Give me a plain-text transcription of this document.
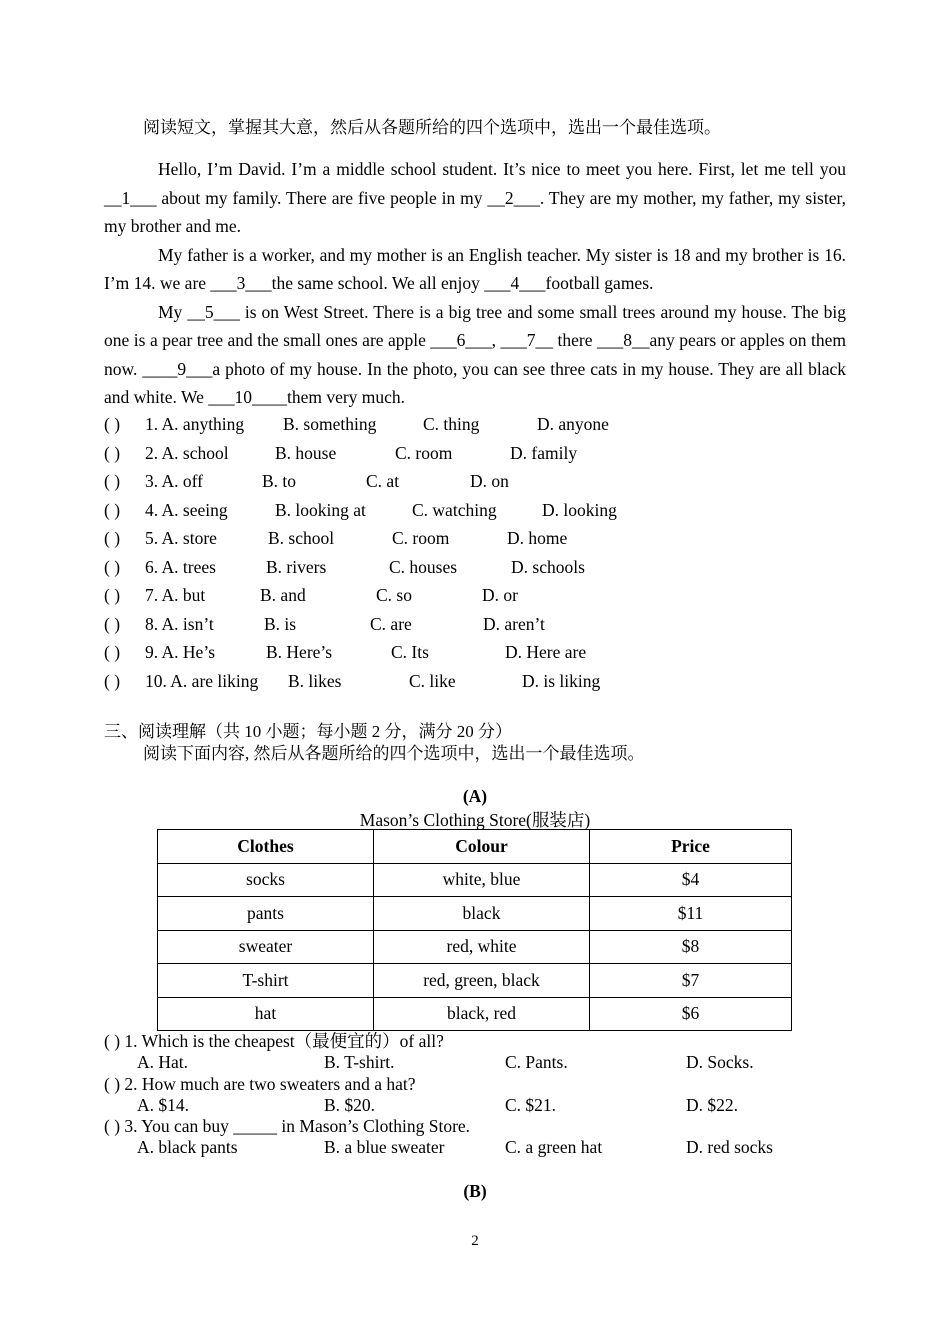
阅读短文，掌握其大意，然后从各题所给的四个选项中，选出一个最佳选项。

Hello, I’m David. I’m a middle school student. It’s nice to meet you here. First, let me tell you __1___ about my family. There are five people in my __2___. They are my mother, my father, my sister, my brother and me.

My father is a worker, and my mother is an English teacher. My sister is 18 and my brother is 16. I’m 14. we are ___3___the same school. We all enjoy ___4___football games.

My __5___ is on West Street. There is a big tree and some small trees around my house. The big one is a pear tree and the small ones are apple ___6___, ___7__ there ___8__any pears or apples on them now. ____9___a photo of my house. In the photo, you can see three cats in my house. They are all black and white. We ___10____them very much.

( ) 1. A. anything B. something	C. thing	D. anyone
( ) 2. A. school	B. house	C. room	D. family
( ) 3. A. off	B. to	C. at	D. on
( ) 4. A. seeing	B. looking at	C. watching	D. looking
( ) 5. A. store	B. school	C. room	D. home
( ) 6. A. trees	B. rivers	C. houses	D. schools
( ) 7. A. but	B. and	C. so	D. or
( ) 8. A. isn’t	B. is	C. are	D. aren’t
( ) 9. A. He’s	B. Here’s	C. Its	D. Here are
( ) 10. A. are liking B. likes	C. like	D. is liking
三、阅读理解（共 10 小题；每小题 2 分，满分 20 分）
阅读下面内容, 然后从各题所给的四个选项中，选出一个最佳选项。
(A)
Mason’s Clothing Store(服装店)
Clothes	Colour	Price
socks	white, blue	$4
pants	black	$11
sweater	red, white	$8
T-shirt	red, green, black	$7
hat	black, red	$6
( ) 1. Which is the cheapest（最便宜的）of all?
A. Hat.	B. T-shirt.	C. Pants.	D. Socks.
( ) 2. How much are two sweaters and a hat?
A. $14.	B. $20.	C. $21.	D. $22.
( ) 3. You can buy _____ in Mason’s Clothing Store.
A. black pants	B. a blue sweater	C. a green hat	D. red socks
(B)
2
